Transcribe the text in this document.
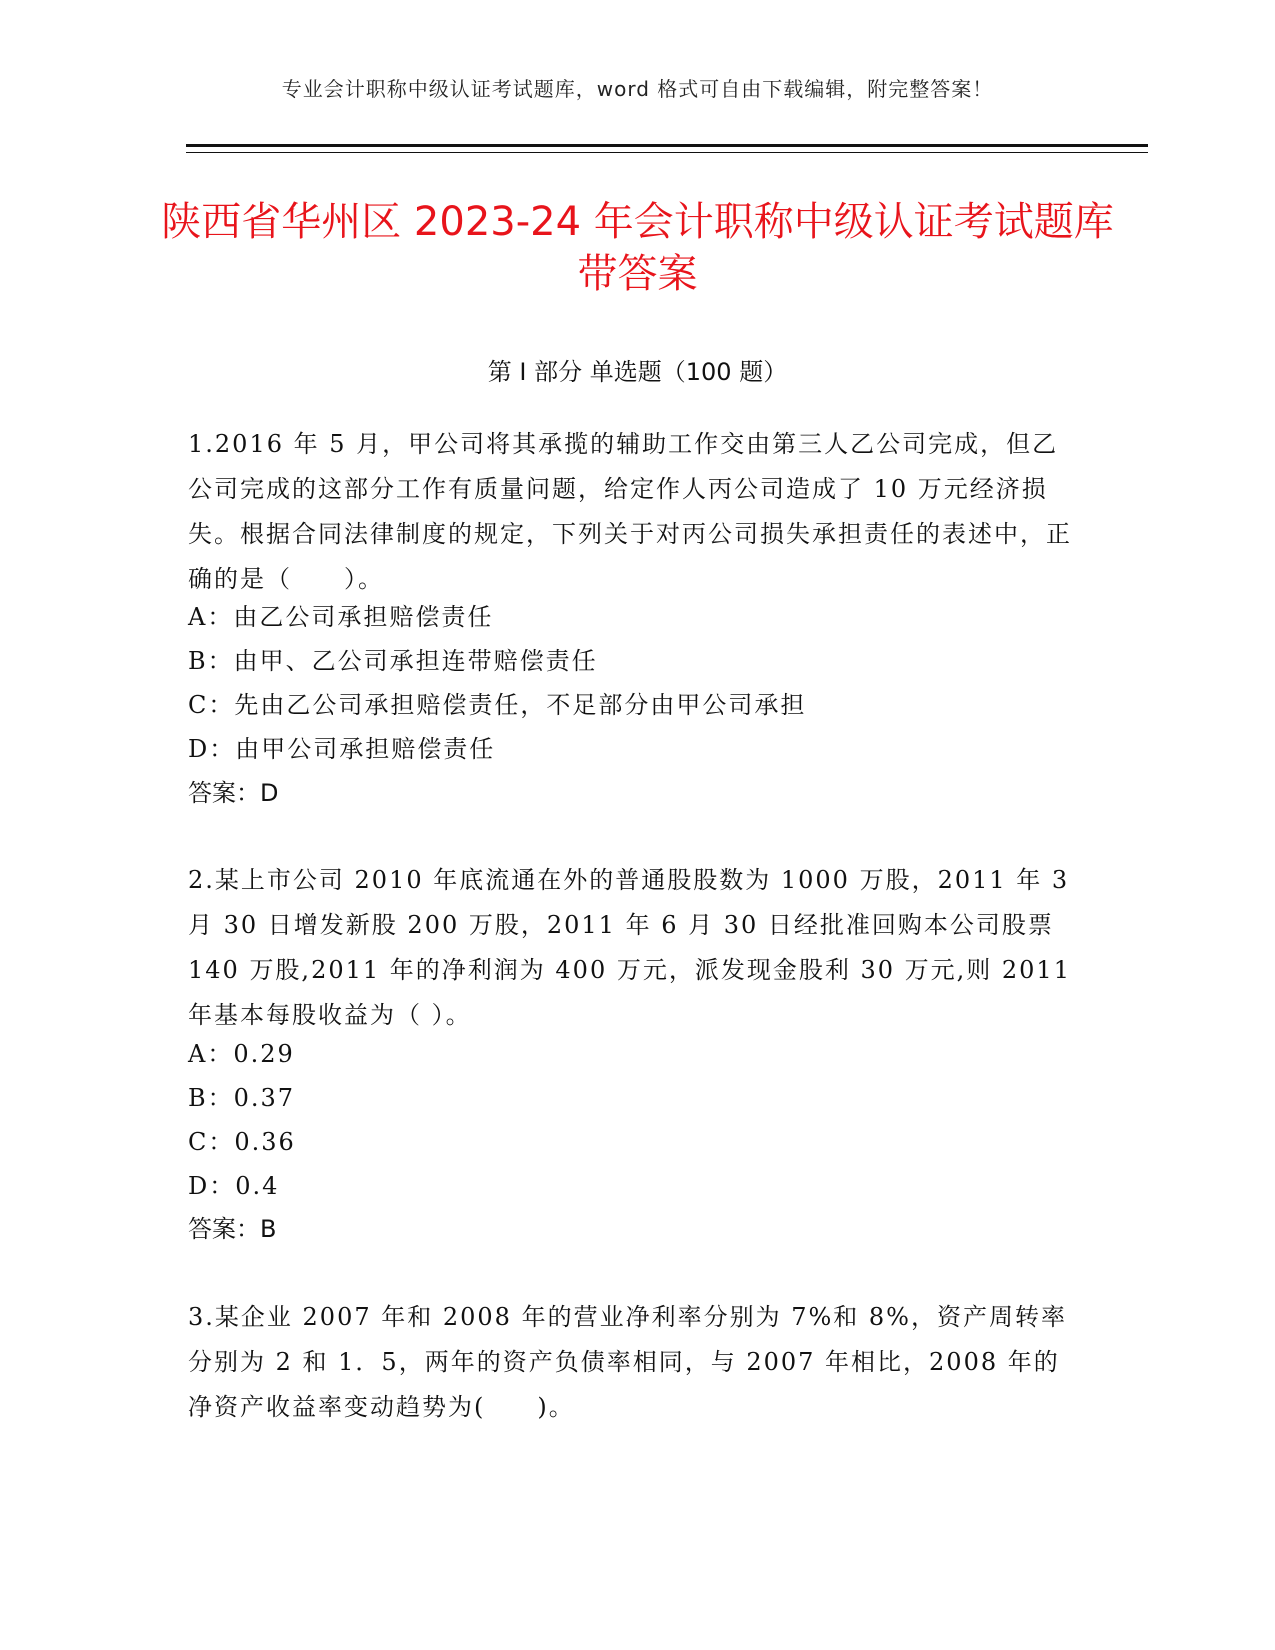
专业会计职称中级认证考试题库，word 格式可自由下载编辑，附完整答案！
陕西省华州区 2023-24 年会计职称中级认证考试题库带答案
第 I 部分 单选题（100 题）

1.2016 年 5 月，甲公司将其承揽的辅助工作交由第三人乙公司完成，但乙公司完成的这部分工作有质量问题，给定作人丙公司造成了 10 万元经济损失。根据合同法律制度的规定，下列关于对丙公司损失承担责任的表述中，正确的是（　　）。

A：由乙公司承担赔偿责任
B：由甲、乙公司承担连带赔偿责任
C：先由乙公司承担赔偿责任，不足部分由甲公司承担
D：由甲公司承担赔偿责任
答案：D

2.某上市公司 2010 年底流通在外的普通股股数为 1000 万股，2011 年 3 月 30 日增发新股 200 万股，2011 年 6 月 30 日经批准回购本公司股票 140 万股,2011 年的净利润为 400 万元，派发现金股利 30 万元,则 2011 年基本每股收益为（ ）。

A：0.29
B：0.37
C：0.36
D：0.4
答案：B

3.某企业 2007 年和 2008 年的营业净利率分别为 7%和 8%，资产周转率分别为 2 和 1．5，两年的资产负债率相同，与 2007 年相比，2008 年的净资产收益率变动趋势为(　　)。
